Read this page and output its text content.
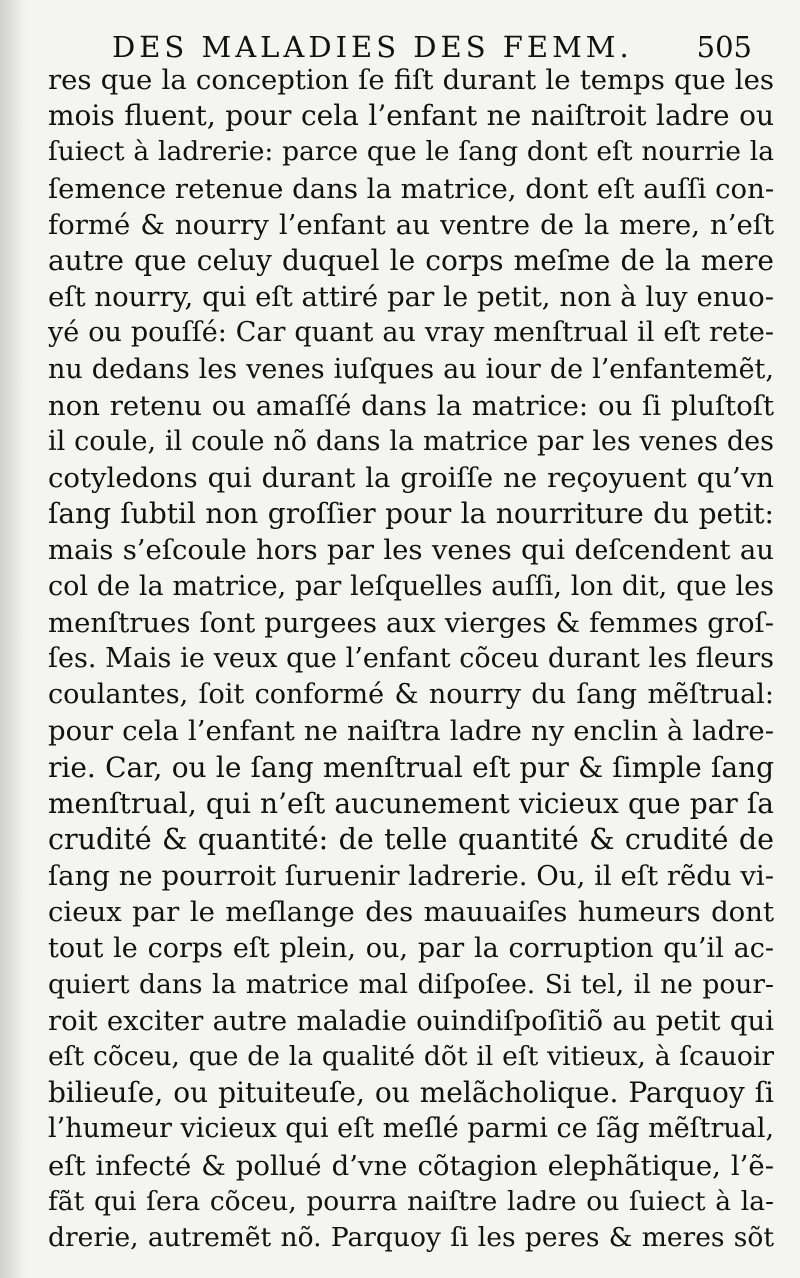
DES MALADIES DES FEMM. 505
res que la conception ſe fiſt durant le temps que les
mois fluent, pour cela l’enfant ne naiſtroit ladre ou
ſuiect à ladrerie: parce que le ſang dont eſt nourrie la
ſemence retenue dans la matrice, dont eſt auſſi con-
formé & nourry l’enfant au ventre de la mere, n’eſt
autre que celuy duquel le corps meſme de la mere
eſt nourry, qui eſt attiré par le petit, non à luy enuo-
yé ou pouſſé: Car quant au vray menſtrual il eſt rete-
nu dedans les venes iuſques au iour de l’enfantemẽt,
non retenu ou amaſſé dans la matrice: ou ſi pluſtoſt
il coule, il coule nõ dans la matrice par les venes des
cotyledons qui durant la groiſſe ne reçoyuent qu’vn
ſang ſubtil non groſſier pour la nourriture du petit:
mais s’eſcoule hors par les venes qui deſcendent au
col de la matrice, par leſquelles auſſi, lon dit, que les
menſtrues ſont purgees aux vierges & femmes groſ-
ſes. Mais ie veux que l’enfant cõceu durant les fleurs
coulantes, ſoit conformé & nourry du ſang mẽſtrual:
pour cela l’enfant ne naiſtra ladre ny enclin à ladre-
rie. Car, ou le ſang menſtrual eſt pur & ſimple ſang
menſtrual, qui n’eſt aucunement vicieux que par ſa
crudité & quantité: de telle quantité & crudité de
ſang ne pourroit ſuruenir ladrerie. Ou, il eſt rẽdu vi-
cieux par le meſlange des mauuaiſes humeurs dont
tout le corps eſt plein, ou, par la corruption qu’il ac-
quiert dans la matrice mal diſpoſee. Si tel, il ne pour-
roit exciter autre maladie ouindiſpoſitiõ au petit qui
eſt cõceu, que de la qualité dõt il eſt vitieux, à ſcauoir
bilieuſe, ou pituiteuſe, ou melãcholique. Parquoy ſi
l’humeur vicieux qui eſt meſlé parmi ce ſãg mẽſtrual,
eſt infecté & pollué d’vne cõtagion elephãtique, l’ẽ-
fãt qui ſera cõceu, pourra naiſtre ladre ou ſuiect à la-
drerie, autremẽt nõ. Parquoy ſi les peres & meres sõt
